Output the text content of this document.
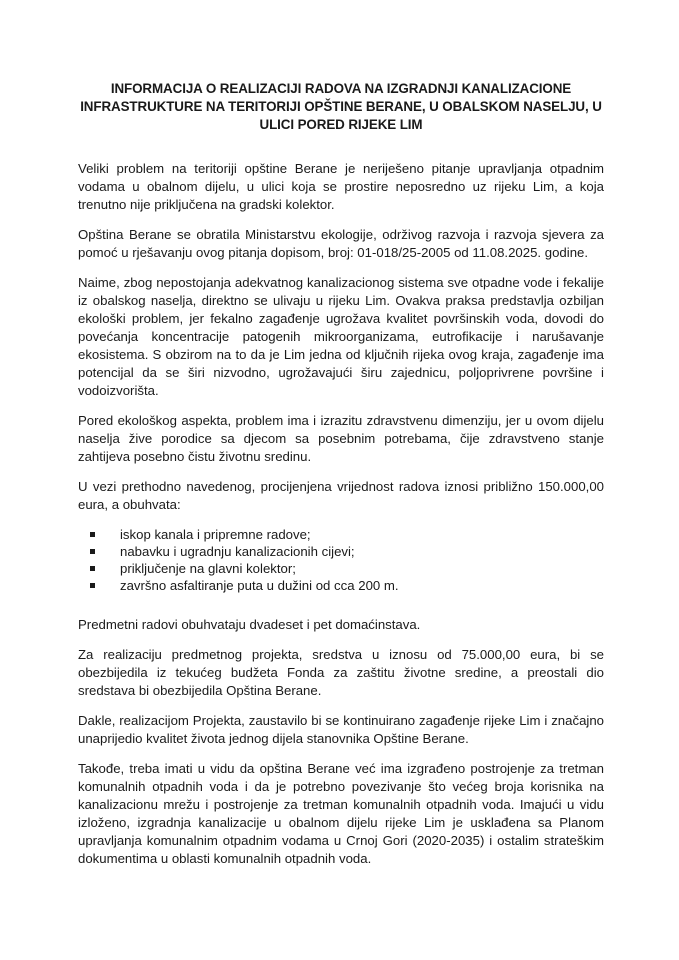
INFORMACIJA O REALIZACIJI RADOVA NA IZGRADNJI KANALIZACIONE
INFRASTRUKTURE NA TERITORIJI OPŠTINE BERANE, U OBALSKOM NASELJU, U
ULICI PORED RIJEKE LIM

Veliki problem na teritoriji opštine Berane je neriješeno pitanje upravljanja otpadnim vodama u obalnom dijelu, u ulici koja se prostire neposredno uz rijeku Lim, a koja trenutno nije priključena na gradski kolektor.

Opština Berane se obratila Ministarstvu ekologije, održivog razvoja i razvoja sjevera za pomoć u rješavanju ovog pitanja dopisom, broj: 01-018/25-2005 od 11.08.2025. godine.

Naime, zbog nepostojanja adekvatnog kanalizacionog sistema sve otpadne vode i fekalije iz obalskog naselja, direktno se ulivaju u rijeku Lim. Ovakva praksa predstavlja ozbiljan ekološki problem, jer fekalno zagađenje ugrožava kvalitet površinskih voda, dovodi do povećanja koncentracije patogenih mikroorganizama, eutrofikacije i narušavanje ekosistema. S obzirom na to da je Lim jedna od ključnih rijeka ovog kraja, zagađenje ima potencijal da se širi nizvodno, ugrožavajući širu zajednicu, poljoprivrene površine i vodoizvorišta.

Pored ekološkog aspekta, problem ima i izrazitu zdravstvenu dimenziju, jer u ovom dijelu naselja žive porodice sa djecom sa posebnim potrebama, čije zdravstveno stanje zahtijeva posebno čistu životnu sredinu.

U vezi prethodno navedenog, procijenjena vrijednost radova iznosi približno 150.000,00 eura, a obuhvata:

iskop kanala i pripremne radove;
nabavku i ugradnju kanalizacionih cijevi;
priključenje na glavni kolektor;
završno asfaltiranje puta u dužini od cca 200 m.

Predmetni radovi obuhvataju dvadeset i pet domaćinstava.

Za realizaciju predmetnog projekta, sredstva u iznosu od 75.000,00 eura, bi se obezbijedila iz tekućeg budžeta Fonda za zaštitu životne sredine, a preostali dio sredstava bi obezbijedila Opština Berane.

Dakle, realizacijom Projekta, zaustavilo bi se kontinuirano zagađenje rijeke Lim i značajno unaprijedio kvalitet života jednog dijela stanovnika Opštine Berane.

Takođe, treba imati u vidu da opština Berane već ima izgrađeno postrojenje za tretman komunalnih otpadnih voda i da je potrebno povezivanje što većeg broja korisnika na kanalizacionu mrežu i postrojenje za tretman komunalnih otpadnih voda. Imajući u vidu izloženo, izgradnja kanalizacije u obalnom dijelu rijeke Lim je usklađena sa Planom upravljanja komunalnim otpadnim vodama u Crnoj Gori (2020-2035) i ostalim strateškim dokumentima u oblasti komunalnih otpadnih voda.
